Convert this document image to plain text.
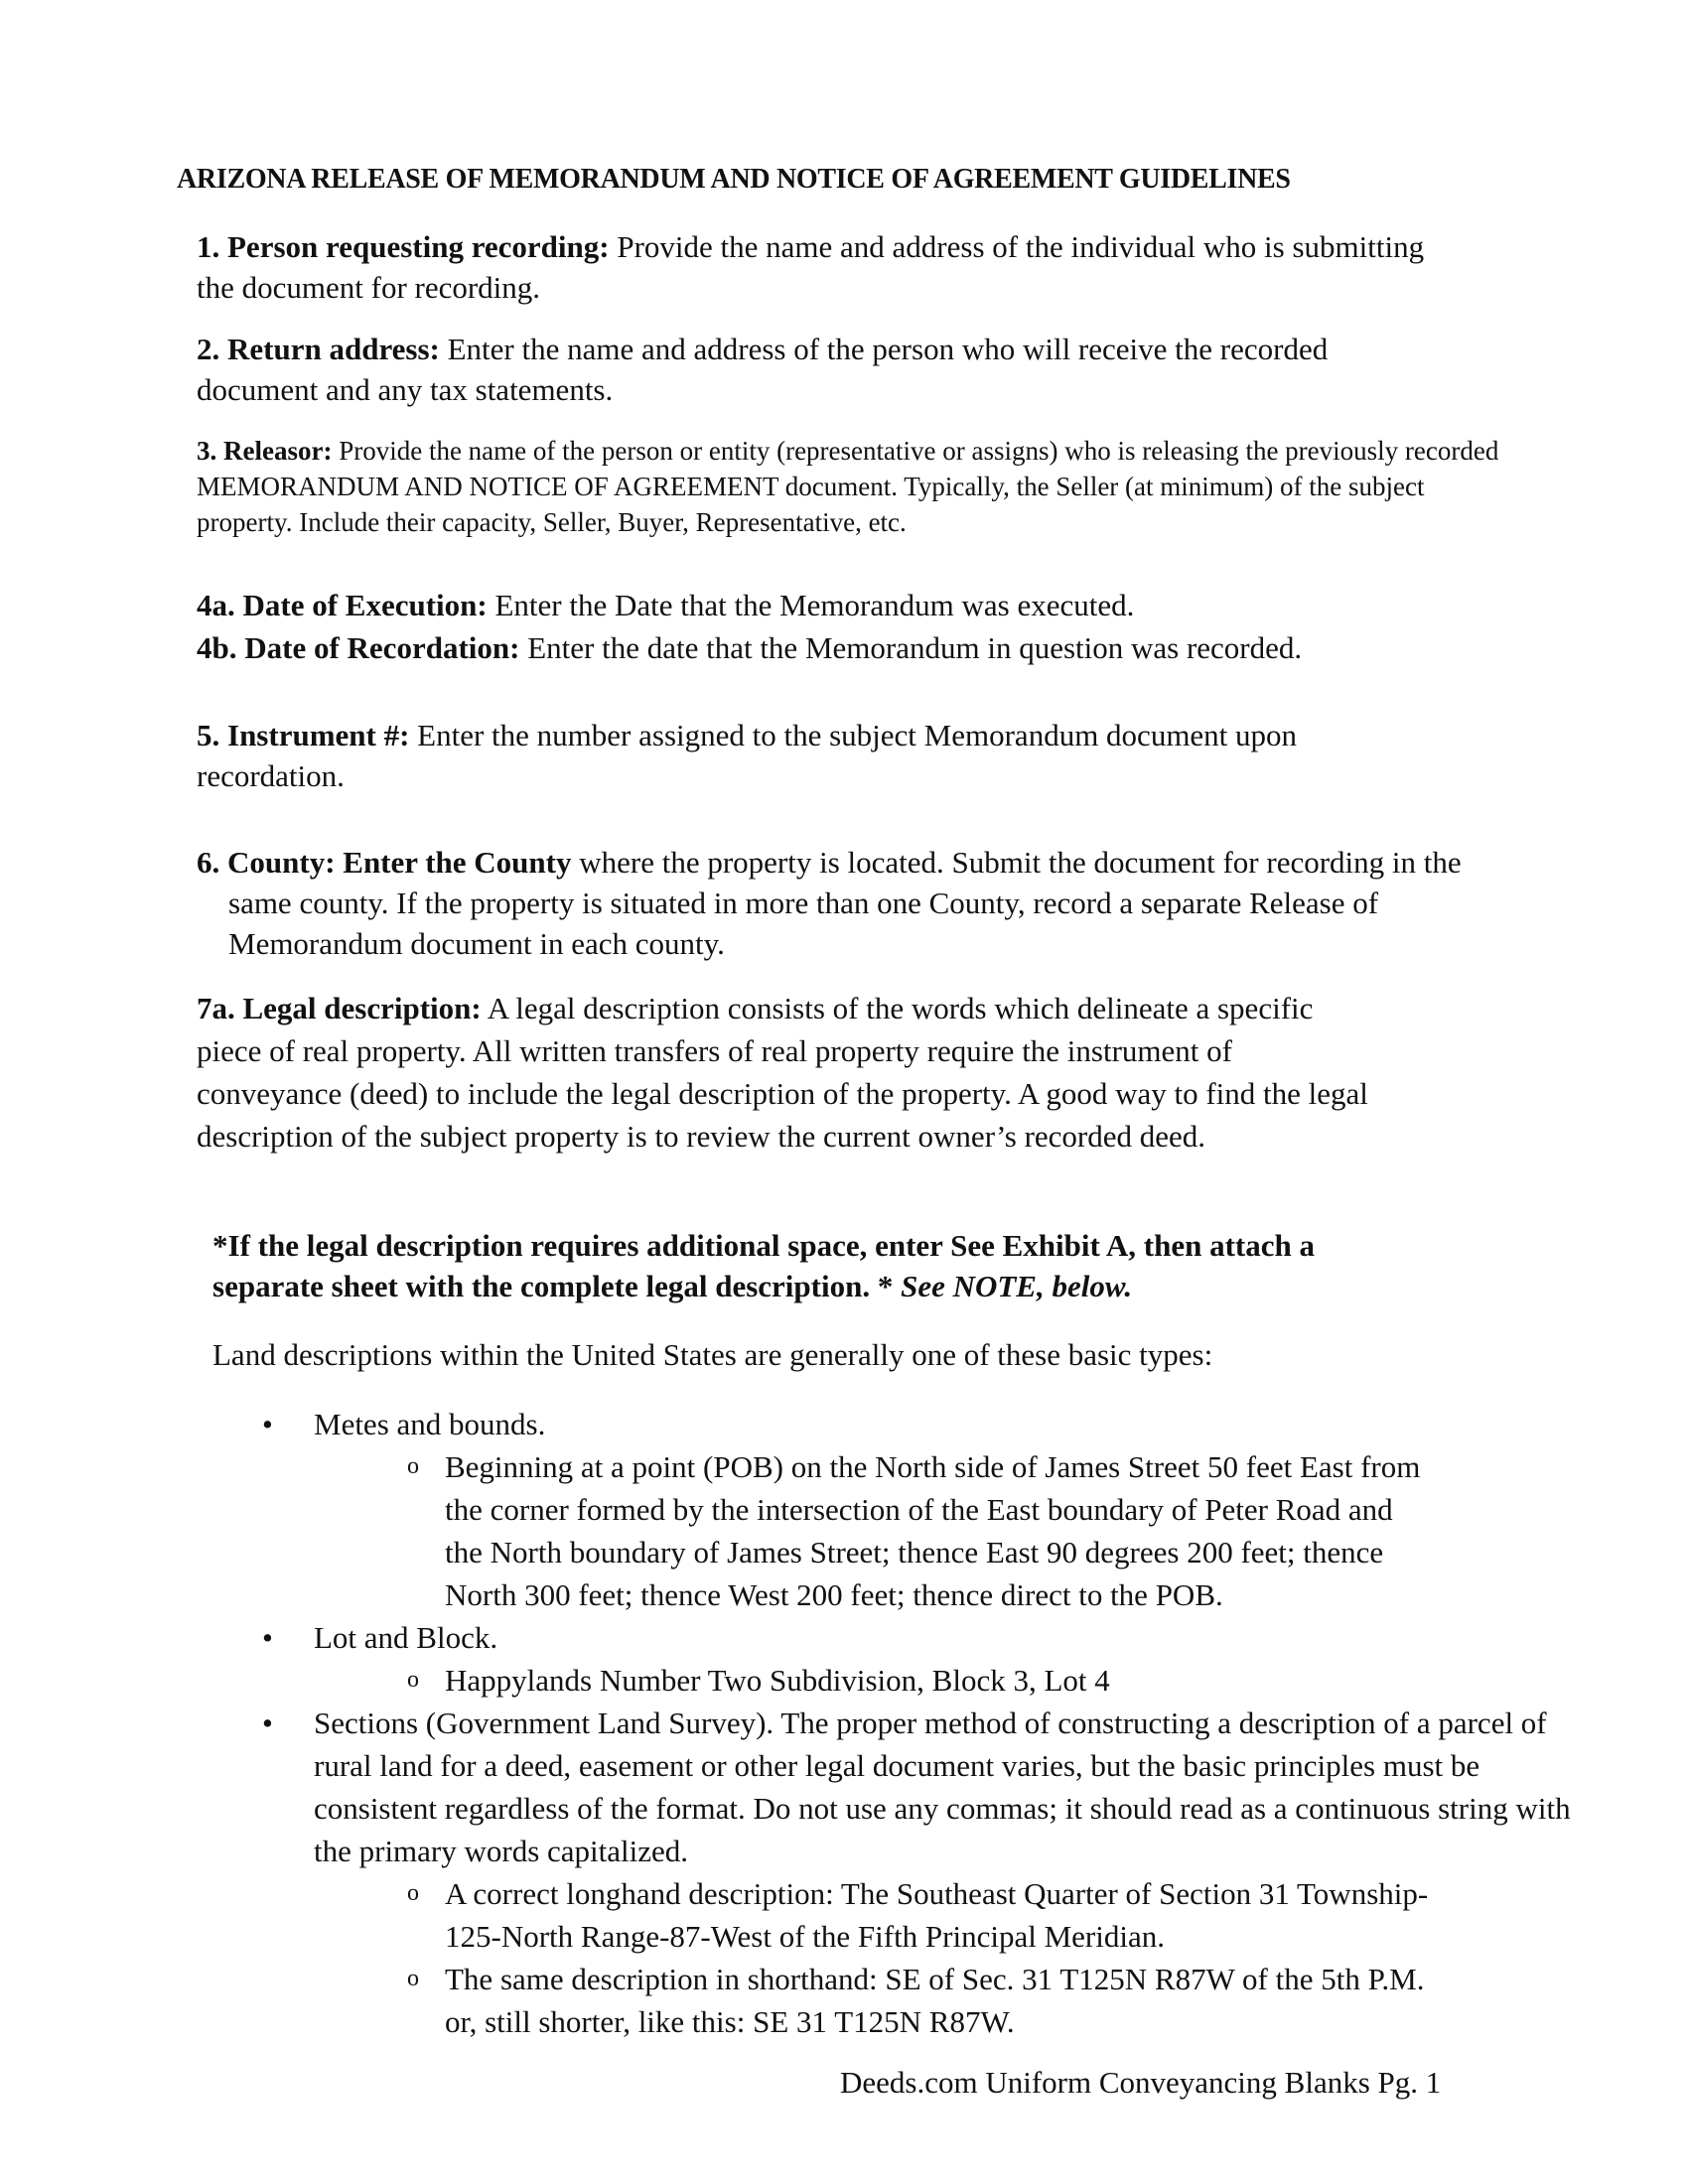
ARIZONA RELEASE OF MEMORANDUM AND NOTICE OF AGREEMENT GUIDELINES
1. Person requesting recording: Provide the name and address of the individual who is submitting the document for recording.
2. Return address: Enter the name and address of the person who will receive the recorded document and any tax statements.
3. Releasor: Provide the name of the person or entity (representative or assigns) who is releasing the previously recorded MEMORANDUM AND NOTICE OF AGREEMENT document. Typically, the Seller (at minimum) of the subject property. Include their capacity, Seller, Buyer, Representative, etc.
4a. Date of Execution: Enter the Date that the Memorandum was executed.
4b. Date of Recordation: Enter the date that the Memorandum in question was recorded.
5. Instrument #: Enter the number assigned to the subject Memorandum document upon recordation.
6. County: Enter the County where the property is located. Submit the document for recording in the same county. If the property is situated in more than one County, record a separate Release of Memorandum document in each county.
7a. Legal description: A legal description consists of the words which delineate a specific piece of real property. All written transfers of real property require the instrument of conveyance (deed) to include the legal description of the property. A good way to find the legal description of the subject property is to review the current owner’s recorded deed.
*If the legal description requires additional space, enter See Exhibit A, then attach a separate sheet with the complete legal description. * See NOTE, below.
Land descriptions within the United States are generally one of these basic types:
• Metes and bounds.
o Beginning at a point (POB) on the North side of James Street 50 feet East from the corner formed by the intersection of the East boundary of Peter Road and the North boundary of James Street; thence East 90 degrees 200 feet; thence North 300 feet; thence West 200 feet; thence direct to the POB.
• Lot and Block.
o Happylands Number Two Subdivision, Block 3, Lot 4
• Sections (Government Land Survey). The proper method of constructing a description of a parcel of rural land for a deed, easement or other legal document varies, but the basic principles must be consistent regardless of the format. Do not use any commas; it should read as a continuous string with the primary words capitalized.
o A correct longhand description: The Southeast Quarter of Section 31 Township-125-North Range-87-West of the Fifth Principal Meridian.
o The same description in shorthand: SE of Sec. 31 T125N R87W of the 5th P.M. or, still shorter, like this: SE 31 T125N R87W.
Deeds.com Uniform Conveyancing Blanks Pg. 1
